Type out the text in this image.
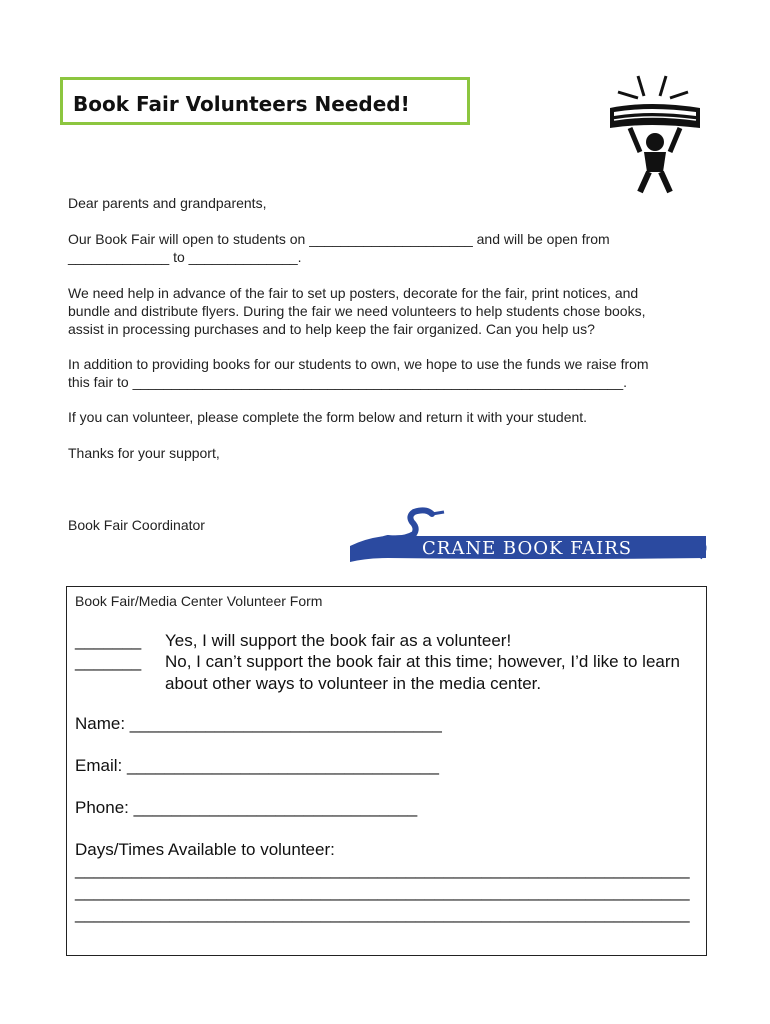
Book Fair Volunteers Needed!
Dear parents and grandparents,
Our Book Fair will open to students on _____________________ and will be open from
_____________ to ______________.
We need help in advance of the fair to set up posters, decorate for the fair, print notices, and
bundle and distribute flyers. During the fair we need volunteers to help students chose books,
assist in processing purchases and to help keep the fair organized. Can you help us?
In addition to providing books for our students to own, we hope to use the funds we raise from
this fair to _______________________________________________________________.
If you can volunteer, please complete the form below and return it with your student.
Thanks for your support,
Book Fair Coordinator
CRANE BOOK FAIRS
Book Fair/Media Center Volunteer Form
_______ Yes, I will support the book fair as a volunteer!
_______ No, I can’t support the book fair at this time; however, I’d like to learn
about other ways to volunteer in the media center.
Name: _________________________________
Email: _________________________________
Phone: ______________________________
Days/Times Available to volunteer:
_________________________________________________________________
_________________________________________________________________
_________________________________________________________________
